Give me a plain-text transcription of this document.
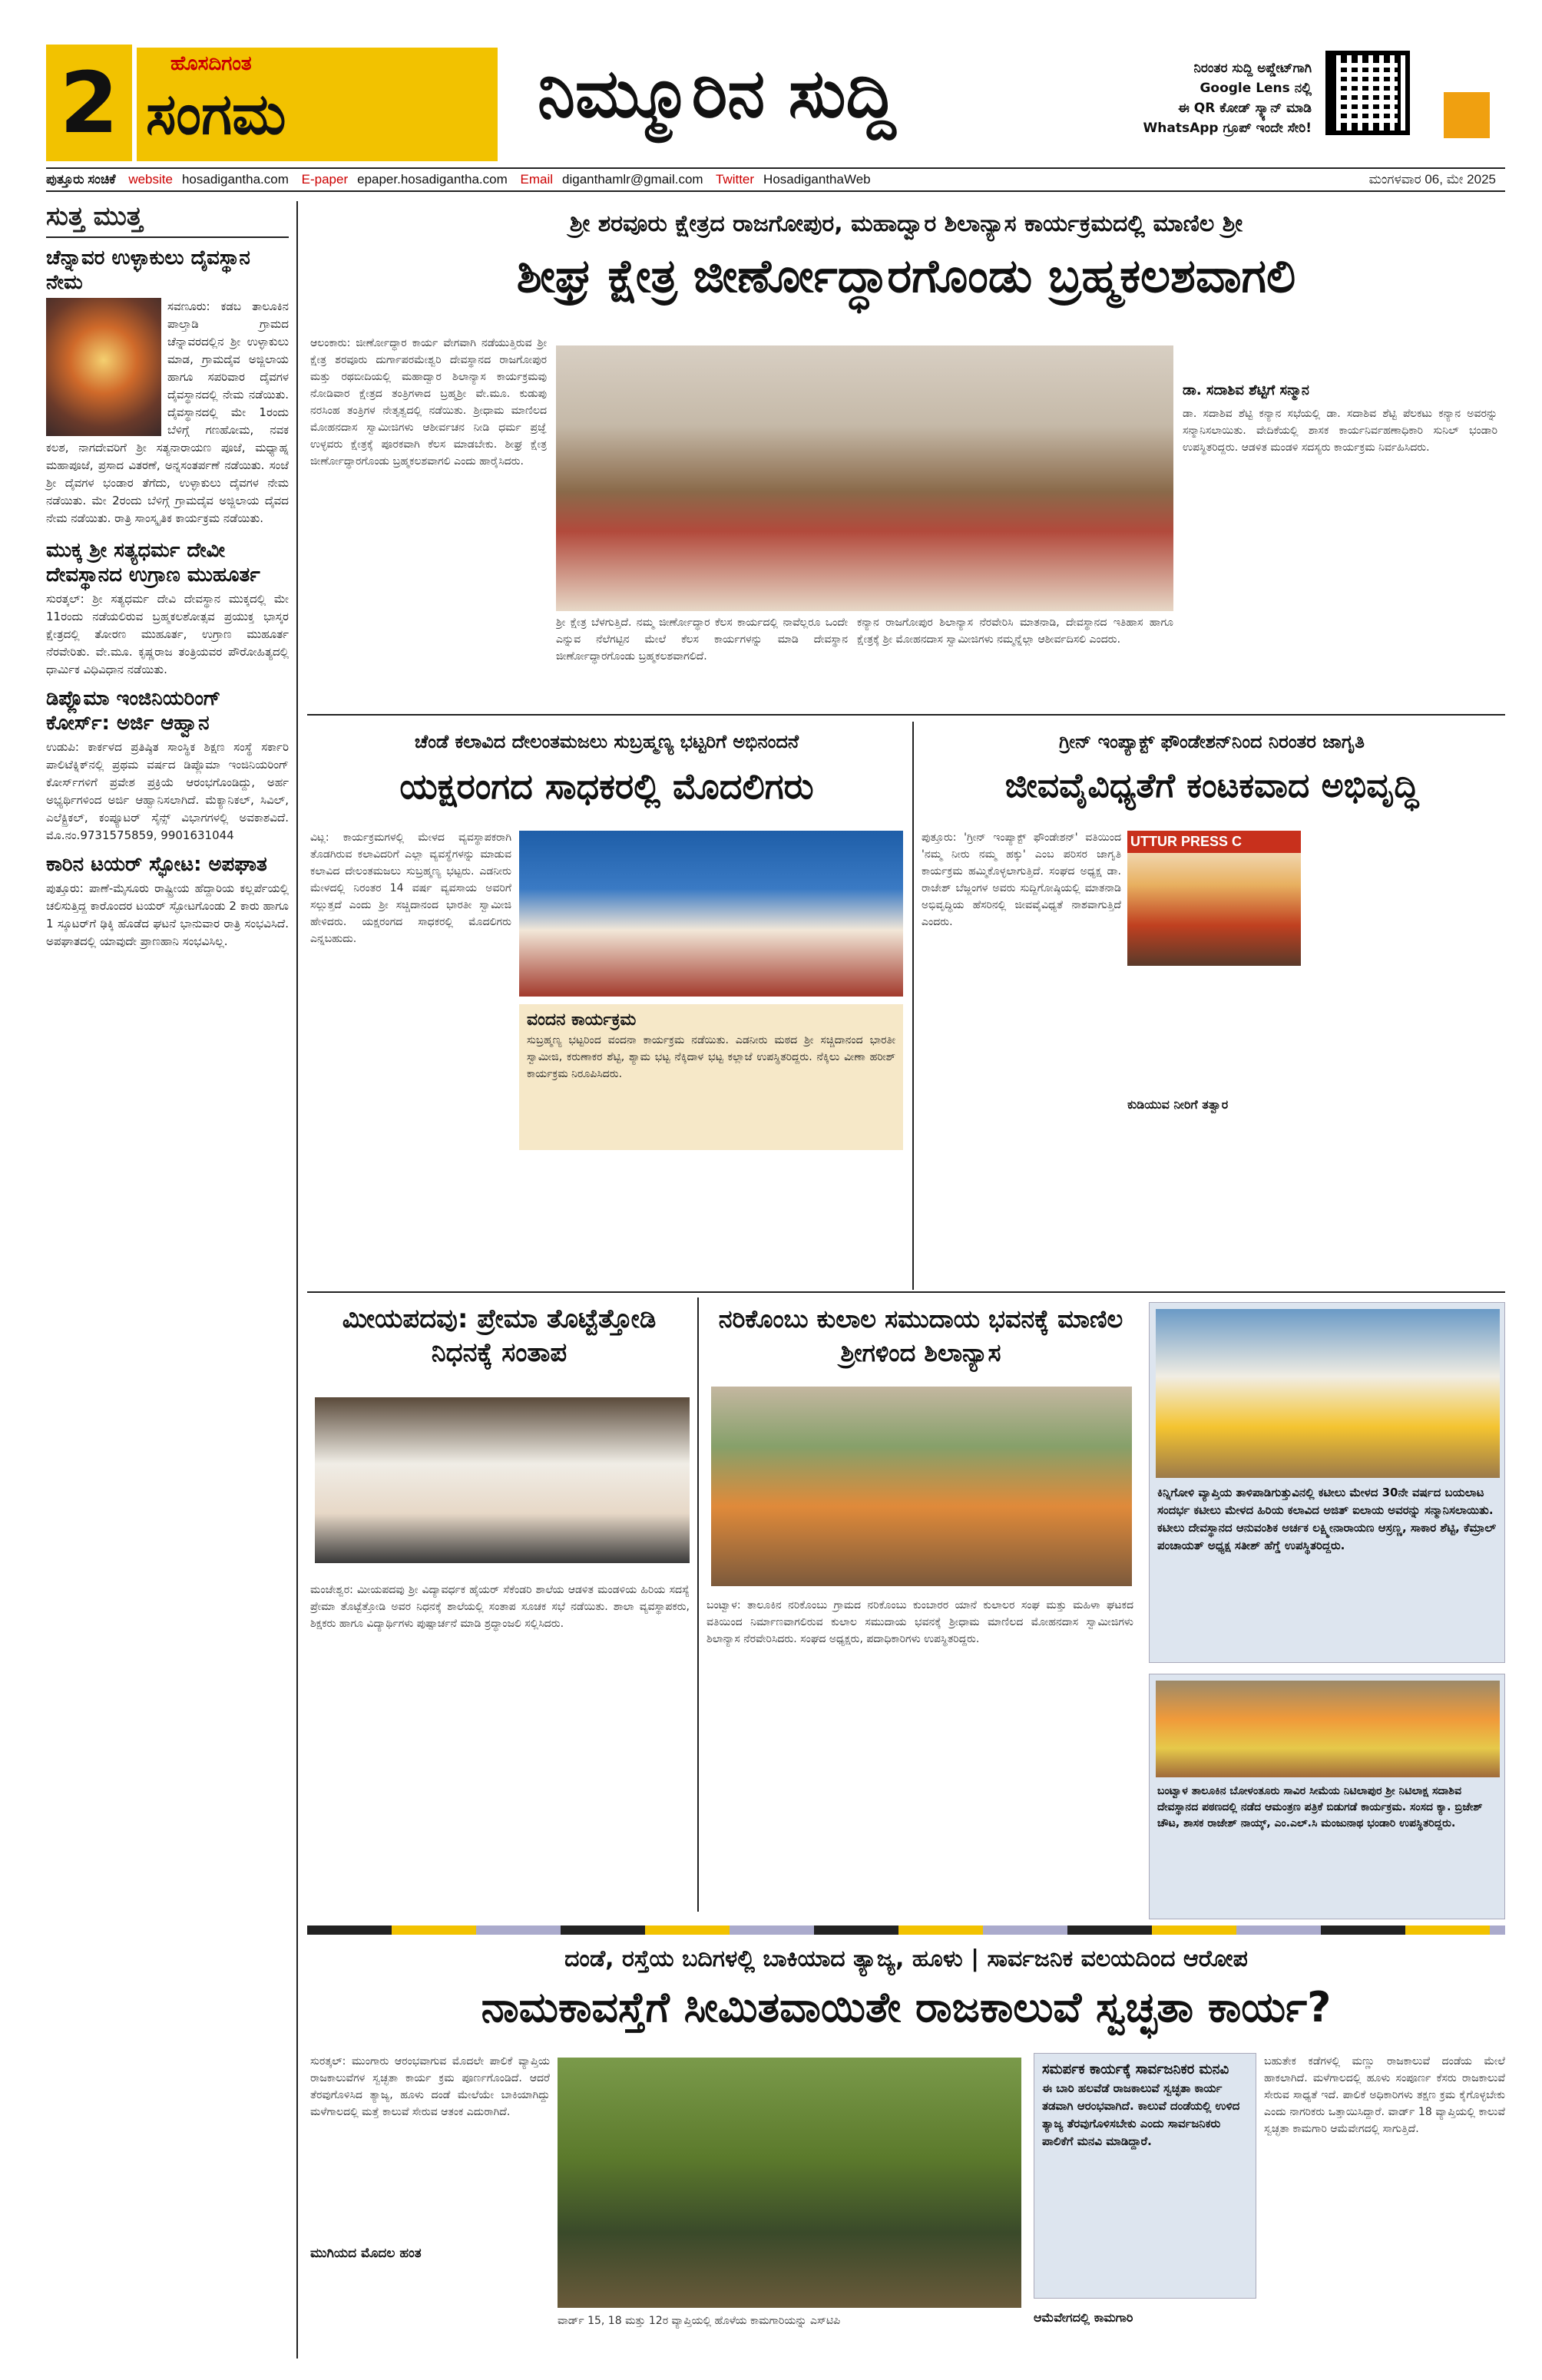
2	ಹೊಸದಿಗಂತ
ಸಂಗಮ	ನಿಮ್ಮೂರಿನ ಸುದ್ದಿ	ನಿರಂತರ ಸುದ್ದಿ ಅಪ್ಡೇಟ್‌ಗಾಗಿ
Google Lens ನಲ್ಲಿ
ಈ QR ಕೋಡ್ ಸ್ಕ್ಯಾನ್ ಮಾಡಿ
WhatsApp ಗ್ರೂಪ್ ಇಂದೇ ಸೇರಿ!
ಪುತ್ತೂರು ಸಂಚಿಕೆ website hosadigantha.com E-paper epaper.hosadigantha.com Email diganthamlr@gmail.com Twitter HosadiganthaWeb	ಮಂಗಳವಾರ 06, ಮೇ 2025
ಸುತ್ತ ಮುತ್ತ
ಚೆನ್ನಾವರ ಉಳ್ಳಾಕುಲು ದೈವಸ್ಥಾನ ನೇಮ

ಸವಣೂರು: ಕಡಬ ತಾಲೂಕಿನ ಪಾಲ್ತಾಡಿ ಗ್ರಾಮದ ಚೆನ್ನಾವರದಲ್ಲಿನ ಶ್ರೀ ಉಳ್ಳಾಕುಲು ಮಾಡ, ಗ್ರಾಮದೈವ ಅಜ್ಜಿಲಾಯ ಹಾಗೂ ಸಪರಿವಾರ ದೈವಗಳ ದೈವಸ್ಥಾನದಲ್ಲಿ ನೇಮ ನಡೆಯಿತು. ದೈವಸ್ಥಾನದಲ್ಲಿ ಮೇ 1ರಂದು ಬೆಳಿಗ್ಗೆ ಗಣಹೋಮ, ನವಕ ಕಲಶ, ನಾಗದೇವರಿಗೆ ಶ್ರೀ ಸತ್ಯನಾರಾಯಣ ಪೂಜೆ, ಮಧ್ಯಾಹ್ನ ಮಹಾಪೂಜೆ, ಪ್ರಸಾದ ವಿತರಣೆ, ಅನ್ನಸಂತರ್ಪಣೆ ನಡೆಯಿತು. ಸಂಜೆ ಶ್ರೀ ದೈವಗಳ ಭಂಡಾರ ತೆಗೆದು, ಉಳ್ಳಾಕುಲು ದೈವಗಳ ನೇಮ ನಡೆಯಿತು. ಮೇ 2ರಂದು ಬೆಳಿಗ್ಗೆ ಗ್ರಾಮದೈವ ಅಜ್ಜಿಲಾಯ ದೈವದ ನೇಮ ನಡೆಯಿತು. ರಾತ್ರಿ ಸಾಂಸ್ಕೃತಿಕ ಕಾರ್ಯಕ್ರಮ ನಡೆಯಿತು.

ಮುಕ್ಕ ಶ್ರೀ ಸತ್ಯಧರ್ಮ ದೇವೀ ದೇವಸ್ಥಾನದ ಉಗ್ರಾಣ ಮುಹೂರ್ತ

ಸುರತ್ಕಲ್: ಶ್ರೀ ಸತ್ಯಧರ್ಮ ದೇವಿ ದೇವಸ್ಥಾನ ಮುಕ್ಕದಲ್ಲಿ ಮೇ 11ರಂದು ನಡೆಯಲಿರುವ ಬ್ರಹ್ಮಕಲಶೋತ್ಸವ ಪ್ರಯುಕ್ತ ಭಾಸ್ಕರ ಕ್ಷೇತ್ರದಲ್ಲಿ ತೋರಣ ಮುಹೂರ್ತ, ಉಗ್ರಾಣ ಮುಹೂರ್ತ ನೆರವೇರಿತು. ವೇ.ಮೂ. ಕೃಷ್ಣರಾಜ ತಂತ್ರಿಯವರ ಪೌರೋಹಿತ್ಯದಲ್ಲಿ ಧಾರ್ಮಿಕ ವಿಧಿವಿಧಾನ ನಡೆಯಿತು.

ಡಿಪ್ಲೊಮಾ ಇಂಜಿನಿಯರಿಂಗ್ ಕೋರ್ಸ್: ಅರ್ಜಿ ಆಹ್ವಾನ

ಉಡುಪಿ: ಕಾರ್ಕಳದ ಪ್ರತಿಷ್ಠಿತ ಸಾಂಸ್ಥಿಕ ಶಿಕ್ಷಣ ಸಂಸ್ಥೆ ಸರ್ಕಾರಿ ಪಾಲಿಟೆಕ್ನಿಕ್‌ನಲ್ಲಿ ಪ್ರಥಮ ವರ್ಷದ ಡಿಪ್ಲೊಮಾ ಇಂಜಿನಿಯರಿಂಗ್ ಕೋರ್ಸ್‌ಗಳಿಗೆ ಪ್ರವೇಶ ಪ್ರಕ್ರಿಯೆ ಆರಂಭಗೊಂಡಿದ್ದು, ಅರ್ಹ ಅಭ್ಯರ್ಥಿಗಳಿಂದ ಅರ್ಜಿ ಆಹ್ವಾನಿಸಲಾಗಿದೆ. ಮೆಕ್ಯಾನಿಕಲ್, ಸಿವಿಲ್, ಎಲೆಕ್ಟ್ರಿಕಲ್, ಕಂಪ್ಯೂಟರ್ ಸೈನ್ಸ್ ವಿಭಾಗಗಳಲ್ಲಿ ಅವಕಾಶವಿದೆ. ಮೊ.ನಂ.9731575859, 9901631044

ಕಾರಿನ ಟಯರ್ ಸ್ಫೋಟ: ಅಪಘಾತ

ಪುತ್ತೂರು: ಪಾಣೆ-ಮೈಸೂರು ರಾಷ್ಟ್ರೀಯ ಹೆದ್ದಾರಿಯ ಕಲ್ಲರ್ಪೆಯಲ್ಲಿ ಚಲಿಸುತ್ತಿದ್ದ ಕಾರೊಂದರ ಟಯರ್ ಸ್ಫೋಟಗೊಂಡು 2 ಕಾರು ಹಾಗೂ 1 ಸ್ಕೂಟರ್‌ಗೆ ಢಿಕ್ಕಿ ಹೊಡೆದ ಘಟನೆ ಭಾನುವಾರ ರಾತ್ರಿ ಸಂಭವಿಸಿದೆ. ಅಪಘಾತದಲ್ಲಿ ಯಾವುದೇ ಪ್ರಾಣಹಾನಿ ಸಂಭವಿಸಿಲ್ಲ.

ಶ್ರೀ ಶರವೂರು ಕ್ಷೇತ್ರದ ರಾಜಗೋಪುರ, ಮಹಾದ್ವಾರ ಶಿಲಾನ್ಯಾಸ ಕಾರ್ಯಕ್ರಮದಲ್ಲಿ ಮಾಣಿಲ ಶ್ರೀ
ಶೀಘ್ರ ಕ್ಷೇತ್ರ ಜೀರ್ಣೋದ್ಧಾರಗೊಂಡು ಬ್ರಹ್ಮಕಲಶವಾಗಲಿ
ಆಲಂಕಾರು: ಜೀರ್ಣೋದ್ಧಾರ ಕಾರ್ಯ ವೇಗವಾಗಿ ನಡೆಯುತ್ತಿರುವ ಶ್ರೀ ಕ್ಷೇತ್ರ ಶರವೂರು ದುರ್ಗಾಪರಮೇಶ್ವರಿ ದೇವಸ್ಥಾನದ ರಾಜಗೋಪುರ ಮತ್ತು ರಥಬೀದಿಯಲ್ಲಿ ಮಹಾದ್ವಾರ ಶಿಲಾನ್ಯಾಸ ಕಾರ್ಯಕ್ರಮವು ನೋಡಿವಾರ ಕ್ಷೇತ್ರದ ತಂತ್ರಿಗಳಾದ ಬ್ರಹ್ಮಶ್ರೀ ವೇ.ಮೂ. ಕುಡುಪು ನರಸಿಂಹ ತಂತ್ರಿಗಳ ನೇತೃತ್ವದಲ್ಲಿ ನಡೆಯಿತು. ಶ್ರೀಧಾಮ ಮಾಣಿಲದ ಮೋಹನದಾಸ ಸ್ವಾಮೀಜಿಗಳು ಆಶೀರ್ವಚನ ನೀಡಿ ಧರ್ಮ ಪ್ರಜ್ಞೆ ಉಳ್ಳವರು ಕ್ಷೇತ್ರಕ್ಕೆ ಪೂರಕವಾಗಿ ಕೆಲಸ ಮಾಡಬೇಕು. ಶೀಘ್ರ ಕ್ಷೇತ್ರ ಜೀರ್ಣೋದ್ಧಾರಗೊಂಡು ಬ್ರಹ್ಮಕಲಶವಾಗಲಿ ಎಂದು ಹಾರೈಸಿದರು.
ಶ್ರೀ ಕ್ಷೇತ್ರ ಬೆಳಗುತ್ತಿದೆ. ನಮ್ಮ ಜೀರ್ಣೋದ್ಧಾರ ಕೆಲಸ ಕಾರ್ಯದಲ್ಲಿ ನಾವೆಲ್ಲರೂ ಒಂದೇ ಎನ್ನುವ ನೆಲೆಗಟ್ಟಿನ ಮೇಲೆ ಕೆಲಸ ಕಾರ್ಯಗಳನ್ನು ಮಾಡಿ ದೇವಸ್ಥಾನ ಜೀರ್ಣೋದ್ಧಾರಗೊಂಡು ಬ್ರಹ್ಮಕಲಶವಾಗಲಿದೆ.
ಕನ್ಯಾನ ರಾಜಗೋಪುರ ಶಿಲಾನ್ಯಾಸ ನೆರವೇರಿಸಿ ಮಾತನಾಡಿ, ದೇವಸ್ಥಾನದ ಇತಿಹಾಸ ಹಾಗೂ ಕ್ಷೇತ್ರಕ್ಕೆ ಶ್ರೀ ಮೋಹನದಾಸ ಸ್ವಾಮೀಜಿಗಳು ನಮ್ಮನ್ನೆಲ್ಲಾ ಆಶೀರ್ವದಿಸಲಿ ಎಂದರು.
ಡಾ. ಸದಾಶಿವ ಶೆಟ್ಟಿಗೆ ಸನ್ಮಾನ
ಡಾ. ಸದಾಶಿವ ಶೆಟ್ಟಿ ಕನ್ಯಾನ ಸಭೆಯಲ್ಲಿ ಡಾ. ಸದಾಶಿವ ಶೆಟ್ಟಿ ಪೆಲಕಟು ಕನ್ಯಾನ ಅವರನ್ನು ಸನ್ಮಾನಿಸಲಾಯಿತು. ವೇದಿಕೆಯಲ್ಲಿ ಶಾಸಕ ಕಾರ್ಯನಿರ್ವಹಣಾಧಿಕಾರಿ ಸುನಿಲ್ ಭಂಡಾರಿ ಉಪಸ್ಥಿತರಿದ್ದರು. ಆಡಳಿತ ಮಂಡಳಿ ಸದಸ್ಯರು ಕಾರ್ಯಕ್ರಮ ನಿರ್ವಹಿಸಿದರು.
ಚೆಂಡೆ ಕಲಾವಿದ ದೇಲಂತಮಜಲು ಸುಬ್ರಹ್ಮಣ್ಯ ಭಟ್ಟರಿಗೆ ಅಭಿನಂದನೆ
ಯಕ್ಷರಂಗದ ಸಾಧಕರಲ್ಲಿ ಮೊದಲಿಗರು
ವಿಟ್ಲ: ಕಾರ್ಯಕ್ರಮಗಳಲ್ಲಿ ಮೇಳದ ವ್ಯವಸ್ಥಾಪಕರಾಗಿ ತೊಡಗಿರುವ ಕಲಾವಿದರಿಗೆ ಎಲ್ಲಾ ವ್ಯವಸ್ಥೆಗಳನ್ನು ಮಾಡುವ ಕಲಾವಿದ ದೇಲಂತಮಜಲು ಸುಬ್ರಹ್ಮಣ್ಯ ಭಟ್ಟರು. ಎಡನೀರು ಮೇಳದಲ್ಲಿ ನಿರಂತರ 14 ವರ್ಷ ವ್ಯವಸಾಯ ಅವರಿಗೆ ಸಲ್ಲುತ್ತದೆ ಎಂದು ಶ್ರೀ ಸಚ್ಚಿದಾನಂದ ಭಾರತೀ ಸ್ವಾಮೀಜಿ ಹೇಳಿದರು. ಯಕ್ಷರಂಗದ ಸಾಧಕರಲ್ಲಿ ಮೊದಲಿಗರು ಎನ್ನಬಹುದು.
ವಂದನ ಕಾರ್ಯಕ್ರಮ
ಸುಬ್ರಹ್ಮಣ್ಯ ಭಟ್ಟರಿಂದ ವಂದನಾ ಕಾರ್ಯಕ್ರಮ ನಡೆಯಿತು. ಎಡನೀರು ಮಠದ ಶ್ರೀ ಸಚ್ಚಿದಾನಂದ ಭಾರತೀ ಸ್ವಾಮೀಜಿ, ಕರುಣಾಕರ ಶೆಟ್ಟಿ, ಶ್ಯಾಮ ಭಟ್ಟ ನೆಕ್ಕಿದಾಳ ಭಟ್ಟ ಕಲ್ಲಾಜೆ ಉಪಸ್ಥಿತರಿದ್ದರು. ನೆಕ್ಕಿಲು ವೀಣಾ ಹರೀಶ್ ಕಾರ್ಯಕ್ರಮ ನಿರೂಪಿಸಿದರು.
ಗ್ರೀನ್ ಇಂಪ್ಯಾಕ್ಟ್ ಫೌಂಡೇಶನ್‌ನಿಂದ ನಿರಂತರ ಜಾಗೃತಿ
ಜೀವವೈವಿಧ್ಯತೆಗೆ ಕಂಟಕವಾದ ಅಭಿವೃದ್ಧಿ
ಪುತ್ತೂರು: 'ಗ್ರೀನ್ ಇಂಪ್ಯಾಕ್ಟ್ ಫೌಂಡೇಶನ್' ವತಿಯಿಂದ 'ನಮ್ಮ ನೀರು ನಮ್ಮ ಹಕ್ಕು' ಎಂಬ ಪರಿಸರ ಜಾಗೃತಿ ಕಾರ್ಯಕ್ರಮ ಹಮ್ಮಿಕೊಳ್ಳಲಾಗುತ್ತಿದೆ. ಸಂಘದ ಅಧ್ಯಕ್ಷ ಡಾ. ರಾಜೇಶ್ ಬೆಜ್ಜಂಗಳ ಅವರು ಸುದ್ದಿಗೋಷ್ಠಿಯಲ್ಲಿ ಮಾತನಾಡಿ ಅಭಿವೃದ್ಧಿಯ ಹೆಸರಿನಲ್ಲಿ ಜೀವವೈವಿಧ್ಯತೆ ನಾಶವಾಗುತ್ತಿದೆ ಎಂದರು.
UTTUR PRESS C
ಕುಡಿಯುವ ನೀರಿಗೆ ತತ್ವಾರ
ಮೀಯಪದವು: ಪ್ರೇಮಾ ತೊಟ್ಟೆತ್ತೋಡಿ ನಿಧನಕ್ಕೆ ಸಂತಾಪ
ಮಂಜೇಶ್ವರ: ಮೀಯಪದವು ಶ್ರೀ ವಿದ್ಯಾವರ್ಧಕ ಹೈಯರ್ ಸೆಕೆಂಡರಿ ಶಾಲೆಯ ಆಡಳಿತ ಮಂಡಳಿಯ ಹಿರಿಯ ಸದಸ್ಯೆ ಪ್ರೇಮಾ ತೊಟ್ಟೆತ್ತೋಡಿ ಅವರ ನಿಧನಕ್ಕೆ ಶಾಲೆಯಲ್ಲಿ ಸಂತಾಪ ಸೂಚಕ ಸಭೆ ನಡೆಯಿತು. ಶಾಲಾ ವ್ಯವಸ್ಥಾಪಕರು, ಶಿಕ್ಷಕರು ಹಾಗೂ ವಿದ್ಯಾರ್ಥಿಗಳು ಪುಷ್ಪಾರ್ಚನೆ ಮಾಡಿ ಶ್ರದ್ಧಾಂಜಲಿ ಸಲ್ಲಿಸಿದರು.
ನರಿಕೊಂಬು ಕುಲಾಲ ಸಮುದಾಯ ಭವನಕ್ಕೆ ಮಾಣಿಲ ಶ್ರೀಗಳಿಂದ ಶಿಲಾನ್ಯಾಸ
ಬಂಟ್ವಾಳ: ತಾಲೂಕಿನ ನರಿಕೊಂಬು ಗ್ರಾಮದ ನರಿಕೊಂಬು ಕುಂಬಾರರ ಯಾನೆ ಕುಲಾಲರ ಸಂಘ ಮತ್ತು ಮಹಿಳಾ ಘಟಕದ ವತಿಯಿಂದ ನಿರ್ಮಾಣವಾಗಲಿರುವ ಕುಲಾಲ ಸಮುದಾಯ ಭವನಕ್ಕೆ ಶ್ರೀಧಾಮ ಮಾಣಿಲದ ಮೋಹನದಾಸ ಸ್ವಾಮೀಜಿಗಳು ಶಿಲಾನ್ಯಾಸ ನೆರವೇರಿಸಿದರು. ಸಂಘದ ಅಧ್ಯಕ್ಷರು, ಪದಾಧಿಕಾರಿಗಳು ಉಪಸ್ಥಿತರಿದ್ದರು.
ಕಿನ್ನಿಗೋಳಿ ವ್ಯಾಪ್ತಿಯ ತಾಳಿಪಾಡಿಗುತ್ತುವಿನಲ್ಲಿ ಕಟೀಲು ಮೇಳದ 30ನೇ ವರ್ಷದ ಬಯಲಾಟ ಸಂದರ್ಭ ಕಟೀಲು ಮೇಳದ ಹಿರಿಯ ಕಲಾವಿದ ಅಜಿತ್ ಐಲಾಯ ಅವರನ್ನು ಸನ್ಮಾನಿಸಲಾಯಿತು. ಕಟೀಲು ದೇವಸ್ಥಾನದ ಆನುವಂಶಿಕ ಅರ್ಚಕ ಲಕ್ಷ್ಮೀನಾರಾಯಣ ಆಸ್ರಣ್ಣ, ಸಾಕಾರ ಶೆಟ್ಟಿ, ಕೆಮ್ರಾಲ್ ಪಂಚಾಯತ್ ಅಧ್ಯಕ್ಷ ಸತೀಶ್ ಹೆಗ್ಡೆ ಉಪಸ್ಥಿತರಿದ್ದರು.
ಬಂಟ್ವಾಳ ತಾಲೂಕಿನ ಬೋಳಂತೂರು ಸಾವಿರ ಸೀಮೆಯ ನಿಟಿಲಾಪುರ ಶ್ರೀ ನಿಟಿಲಾಕ್ಷ ಸದಾಶಿವ ದೇವಸ್ಥಾನದ ಪಠಣದಲ್ಲಿ ನಡೆದ ಆಮಂತ್ರಣ ಪತ್ರಿಕೆ ಬಿಡುಗಡೆ ಕಾರ್ಯಕ್ರಮ. ಸಂಸದ ಕ್ಯಾ. ಬ್ರಿಜೇಶ್ ಚೌಟ, ಶಾಸಕ ರಾಜೇಶ್ ನಾಯ್ಕ್, ಎಂ.ಎಲ್.ಸಿ ಮಂಜುನಾಥ ಭಂಡಾರಿ ಉಪಸ್ಥಿತರಿದ್ದರು.
ದಂಡೆ, ರಸ್ತೆಯ ಬದಿಗಳಲ್ಲಿ ಬಾಕಿಯಾದ ತ್ಯಾಜ್ಯ, ಹೂಳು | ಸಾರ್ವಜನಿಕ ವಲಯದಿಂದ ಆರೋಪ
ನಾಮಕಾವಸ್ತೆಗೆ ಸೀಮಿತವಾಯಿತೇ ರಾಜಕಾಲುವೆ ಸ್ವಚ್ಛತಾ ಕಾರ್ಯ?
ಸುರತ್ಕಲ್: ಮುಂಗಾರು ಆರಂಭವಾಗುವ ಮೊದಲೇ ಪಾಲಿಕೆ ವ್ಯಾಪ್ತಿಯ ರಾಜಕಾಲುವೆಗಳ ಸ್ವಚ್ಛತಾ ಕಾರ್ಯ ಕ್ರಮ ಪೂರ್ಣಗೊಂಡಿದೆ. ಆದರೆ ತೆರವುಗೊಳಿಸಿದ ತ್ಯಾಜ್ಯ, ಹೂಳು ದಂಡೆ ಮೇಲೆಯೇ ಬಾಕಿಯಾಗಿದ್ದು ಮಳೆಗಾಲದಲ್ಲಿ ಮತ್ತೆ ಕಾಲುವೆ ಸೇರುವ ಆತಂಕ ಎದುರಾಗಿದೆ.
ಮುಗಿಯದ ಮೊದಲ ಹಂತ
ವಾರ್ಡ್ 15, 18 ಮತ್ತು 12ರ ವ್ಯಾಪ್ತಿಯಲ್ಲಿ ಹೊಳೆಯ ಕಾಮಗಾರಿಯನ್ನು ಎಸ್‌ಟಿಪಿ
ಸಮರ್ಪಕ ಕಾರ್ಯಕ್ಕೆ ಸಾರ್ವಜನಿಕರ ಮನವಿ
ಈ ಬಾರಿ ಹಲವೆಡೆ ರಾಜಕಾಲುವೆ ಸ್ವಚ್ಛತಾ ಕಾರ್ಯ ತಡವಾಗಿ ಆರಂಭವಾಗಿದೆ. ಕಾಲುವೆ ದಂಡೆಯಲ್ಲಿ ಉಳಿದ ತ್ಯಾಜ್ಯ ತೆರವುಗೊಳಿಸಬೇಕು ಎಂದು ಸಾರ್ವಜನಿಕರು ಪಾಲಿಕೆಗೆ ಮನವಿ ಮಾಡಿದ್ದಾರೆ.
ಆಮೆವೇಗದಲ್ಲಿ ಕಾಮಗಾರಿ
ಬಹುತೇಕ ಕಡೆಗಳಲ್ಲಿ ಮಣ್ಣು ರಾಜಕಾಲುವೆ ದಂಡೆಯ ಮೇಲೆ ಹಾಕಲಾಗಿದೆ. ಮಳೆಗಾಲದಲ್ಲಿ ಹೂಳು ಸಂಪೂರ್ಣ ಕೆಸರು ರಾಜಕಾಲುವೆ ಸೇರುವ ಸಾಧ್ಯತೆ ಇದೆ. ಪಾಲಿಕೆ ಅಧಿಕಾರಿಗಳು ತಕ್ಷಣ ಕ್ರಮ ಕೈಗೊಳ್ಳಬೇಕು ಎಂದು ನಾಗರಿಕರು ಒತ್ತಾಯಿಸಿದ್ದಾರೆ. ವಾರ್ಡ್ 18 ವ್ಯಾಪ್ತಿಯಲ್ಲಿ ಕಾಲುವೆ ಸ್ವಚ್ಛತಾ ಕಾಮಗಾರಿ ಆಮೆವೇಗದಲ್ಲಿ ಸಾಗುತ್ತಿದೆ.
